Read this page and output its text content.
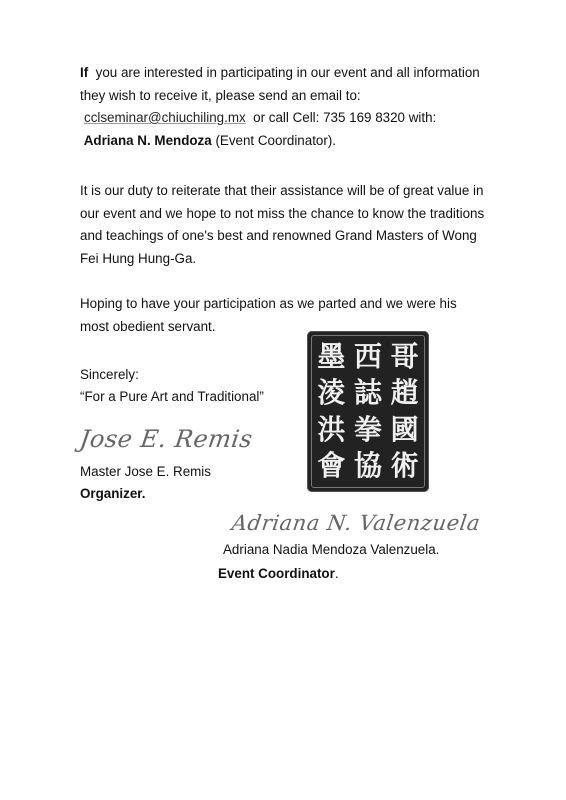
If  you are interested in participating in our event and all information
they wish to receive it, please send an email to:
cclseminar@chiuchiling.mx or call Cell: 735 169 8320 with:
Adriana N. Mendoza (Event Coordinator).

It is our duty to reiterate that their assistance will be of great value in
our event and we hope to not miss the chance to know the traditions
and teachings of one's best and renowned Grand Masters of Wong
Fei Hung Hung-Ga.

Hoping to have your participation as we parted and we were his
most obedient servant.

Sincerely:

“For a Pure Art and Traditional”

Jose E. Remis

Master Jose E. Remis

Organizer.

墨 西 哥
淩 誌 趙
洪 拳 國
會 協 術
Adriana N. Valenzuela

Adriana Nadia Mendoza Valenzuela.

Event Coordinator.
